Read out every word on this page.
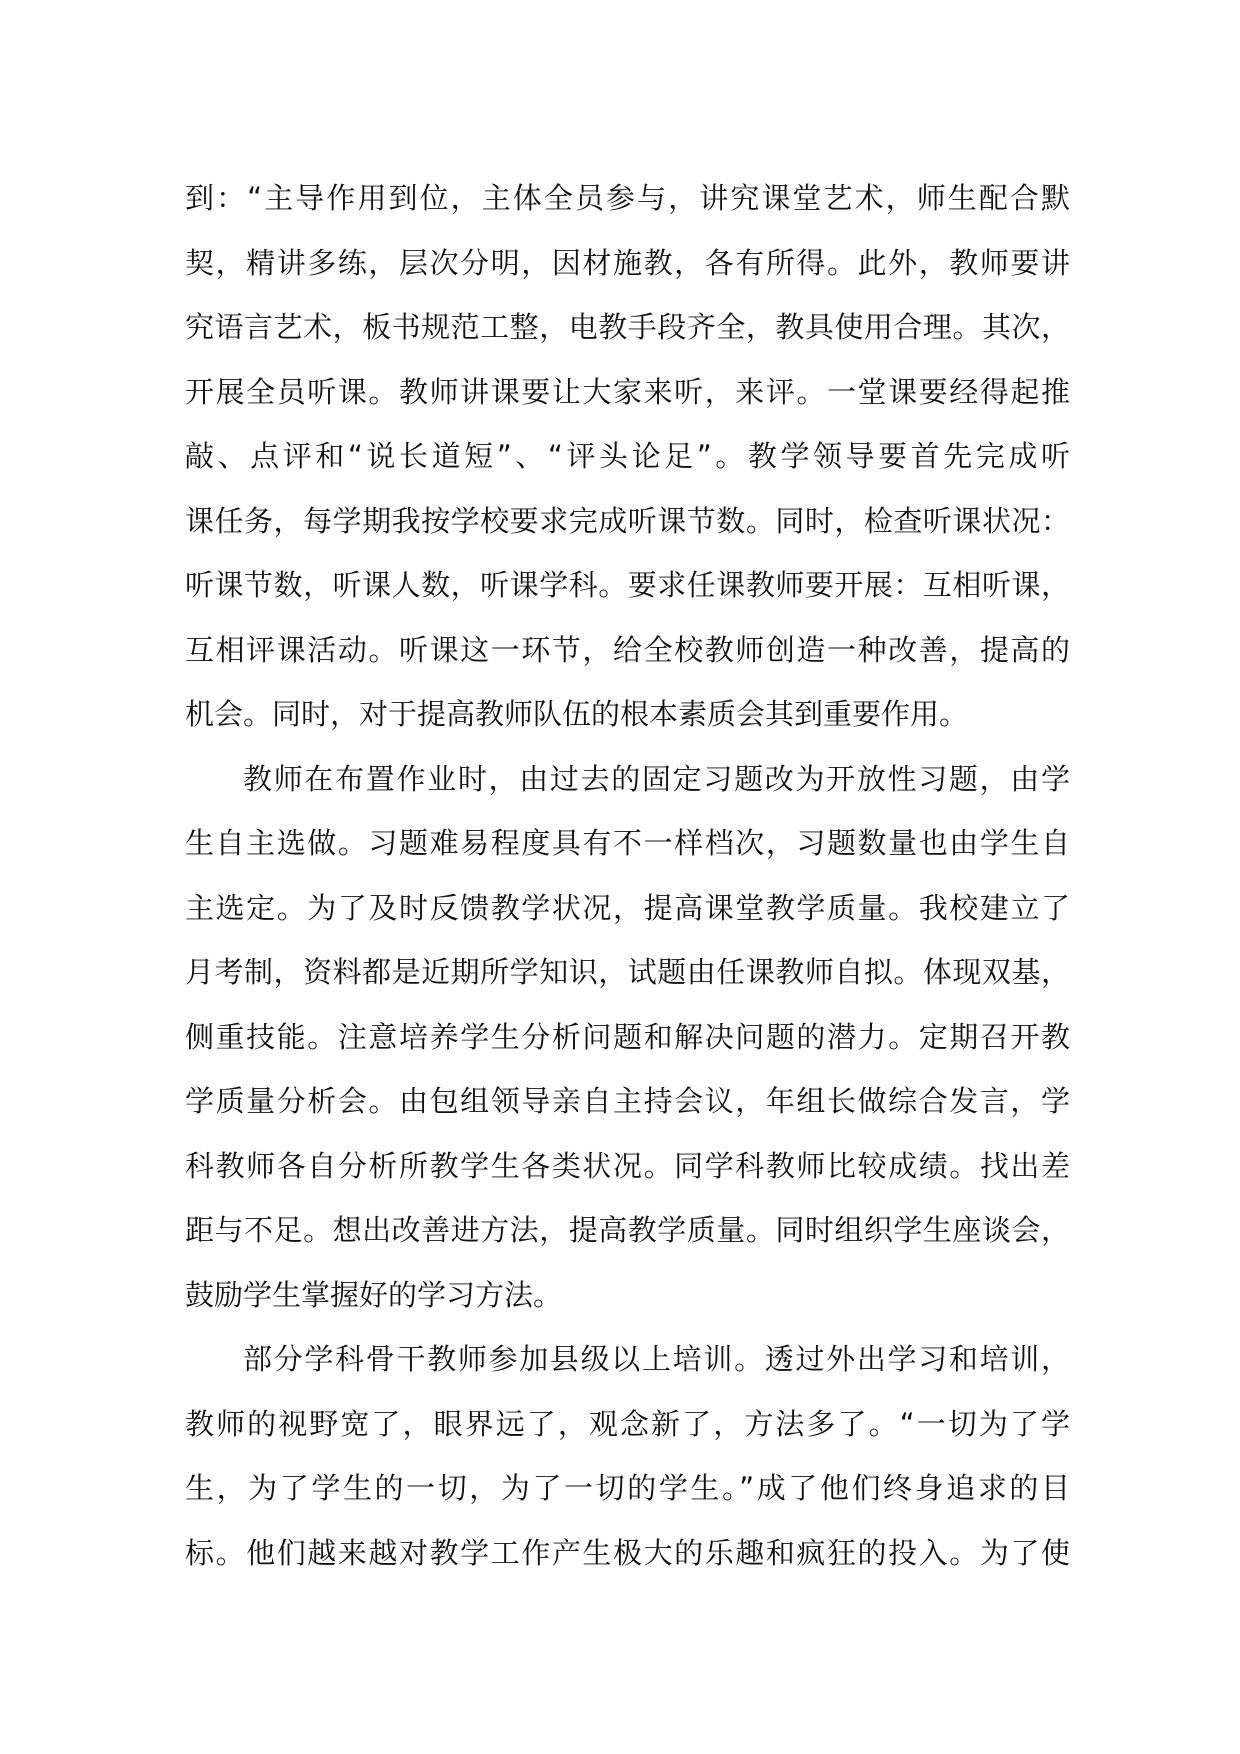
到：“主导作用到位，主体全员参与，讲究课堂艺术，师生配合默
契，精讲多练，层次分明，因材施教，各有所得。此外，教师要讲
究语言艺术，板书规范工整，电教手段齐全，教具使用合理。其次，
开展全员听课。教师讲课要让大家来听，来评。一堂课要经得起推
敲、点评和“说长道短”、“评头论足”。教学领导要首先完成听
课任务，每学期我按学校要求完成听课节数。同时，检查听课状况：
听课节数，听课人数，听课学科。要求任课教师要开展：互相听课，
互相评课活动。听课这一环节，给全校教师创造一种改善，提高的
机会。同时，对于提高教师队伍的根本素质会其到重要作用。
教师在布置作业时，由过去的固定习题改为开放性习题，由学
生自主选做。习题难易程度具有不一样档次，习题数量也由学生自
主选定。为了及时反馈教学状况，提高课堂教学质量。我校建立了
月考制，资料都是近期所学知识，试题由任课教师自拟。体现双基，
侧重技能。注意培养学生分析问题和解决问题的潜力。定期召开教
学质量分析会。由包组领导亲自主持会议，年组长做综合发言，学
科教师各自分析所教学生各类状况。同学科教师比较成绩。找出差
距与不足。想出改善进方法，提高教学质量。同时组织学生座谈会，
鼓励学生掌握好的学习方法。
部分学科骨干教师参加县级以上培训。透过外出学习和培训，
教师的视野宽了，眼界远了，观念新了，方法多了。“一切为了学
生，为了学生的一切，为了一切的学生。”成了他们终身追求的目
标。他们越来越对教学工作产生极大的乐趣和疯狂的投入。为了使
